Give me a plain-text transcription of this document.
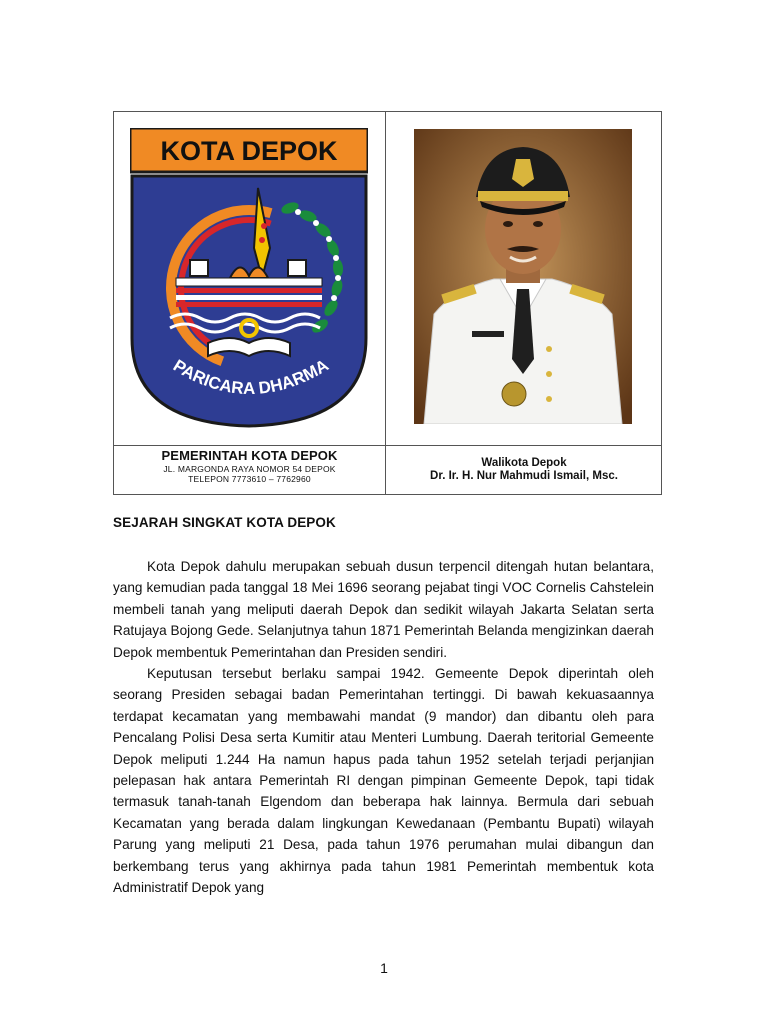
KOTA DEPOK
PARICARA DHARMA
PEMERINTAH KOTA DEPOK
JL. MARGONDA RAYA NOMOR 54 DEPOK
TELEPON 7773610 – 7762960
Walikota Depok
Dr. Ir. H. Nur Mahmudi Ismail, Msc.
SEJARAH SINGKAT KOTA DEPOK

Kota Depok dahulu merupakan sebuah dusun terpencil ditengah hutan belantara, yang kemudian pada tanggal 18 Mei 1696 seorang pejabat tingi VOC Cornelis Cahstelein membeli tanah yang meliputi daerah Depok dan sedikit wilayah Jakarta Selatan serta Ratujaya Bojong Gede. Selanjutnya tahun 1871 Pemerintah Belanda mengizinkan daerah Depok membentuk Pemerintahan dan Presiden sendiri.

Keputusan tersebut berlaku sampai 1942. Gemeente Depok diperintah oleh seorang Presiden sebagai badan Pemerintahan tertinggi. Di bawah kekuasaannya terdapat kecamatan yang membawahi mandat (9 mandor) dan dibantu oleh para Pencalang Polisi Desa serta Kumitir atau Menteri Lumbung. Daerah teritorial Gemeente Depok meliputi 1.244 Ha namun hapus pada tahun 1952 setelah terjadi perjanjian pelepasan hak antara Pemerintah RI dengan pimpinan Gemeente Depok, tapi tidak termasuk tanah-tanah Elgendom dan beberapa hak lainnya. Bermula dari sebuah Kecamatan yang berada dalam lingkungan Kewedanaan (Pembantu Bupati) wilayah Parung yang meliputi 21 Desa, pada tahun 1976 perumahan mulai dibangun dan berkembang terus yang akhirnya pada tahun 1981 Pemerintah membentuk kota Administratif Depok yang

1
